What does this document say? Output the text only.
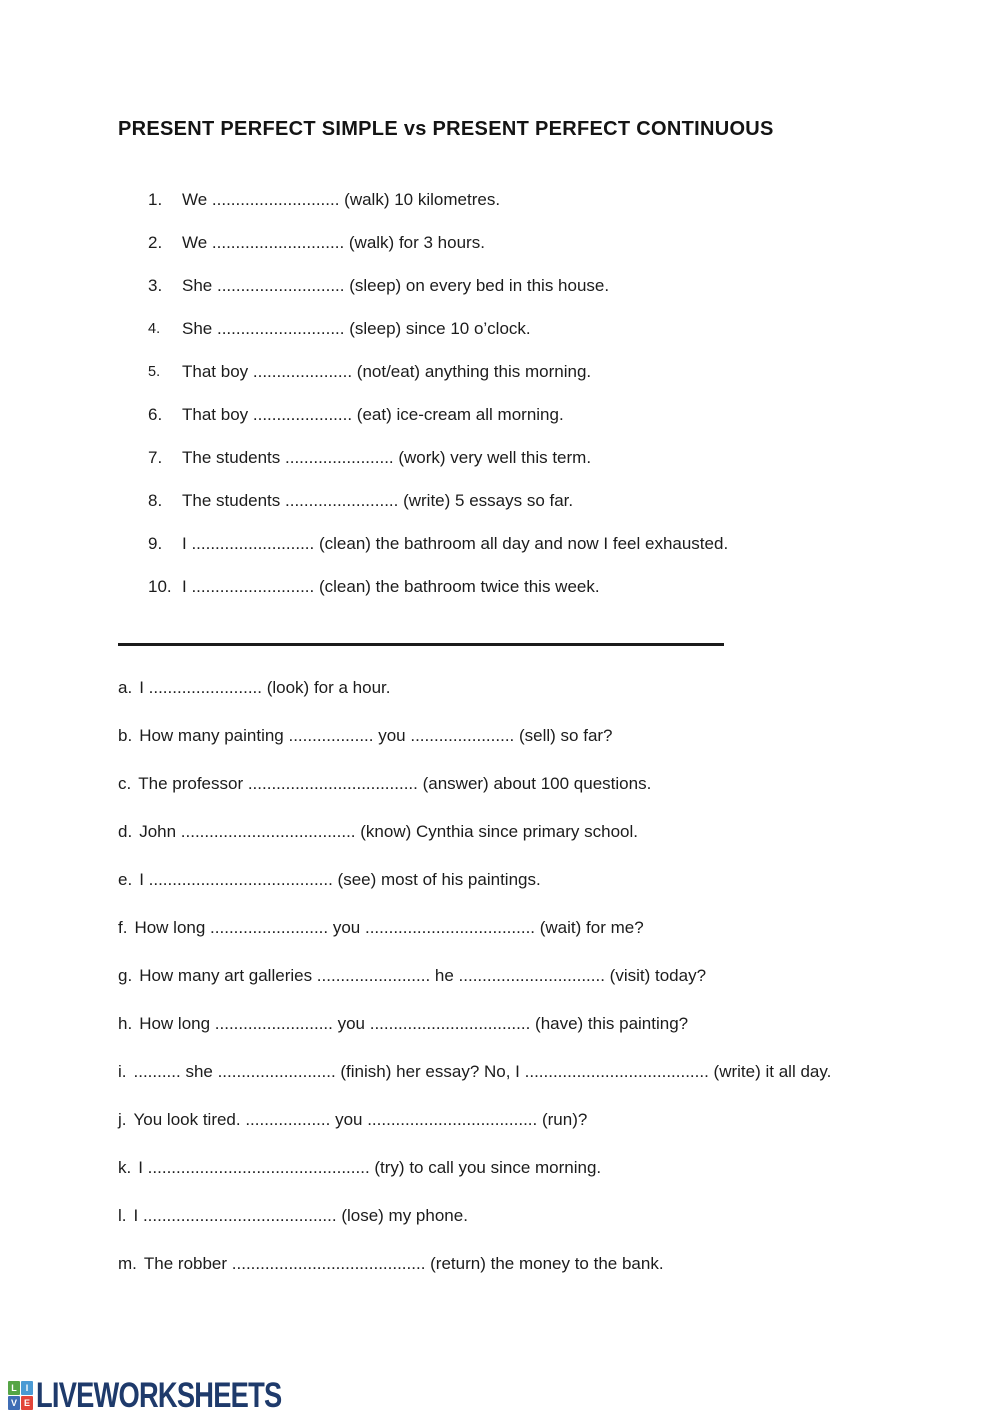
PRESENT PERFECT SIMPLE vs PRESENT PERFECT CONTINUOUS
1.	We ........................... (walk) 10 kilometres.
2.	We ............................ (walk) for 3 hours.
3.	She ........................... (sleep) on every bed in this house.
4.	She ........................... (sleep) since 10 o’clock.
5.	That boy ..................... (not/eat) anything this morning.
6.	That boy ..................... (eat) ice-cream all morning.
7.	The students ....................... (work) very well this term.
8.	The students ........................ (write) 5 essays so far.
9.	I .......................... (clean) the bathroom all day and now I feel exhausted.
10. I .......................... (clean) the bathroom twice this week.
a. I ........................ (look) for a hour.
b. How many painting .................. you ...................... (sell) so far?
c. The professor .................................... (answer) about 100 questions.
d. John ..................................... (know) Cynthia since primary school.
e. I ....................................... (see) most of his paintings.
f. How long ......................... you .................................... (wait) for me?
g. How many art galleries ........................ he ............................... (visit) today?
h. How long ......................... you .................................. (have) this painting?
i. .......... she ......................... (finish) her essay? No, I ....................................... (write) it all day.
j. You look tired. .................. you .................................... (run)?
k. I ............................................... (try) to call you since morning.
l. I ......................................... (lose) my phone.
m. The robber ......................................... (return) the money to the bank.
L I
V E LIVEWORKSHEETS
